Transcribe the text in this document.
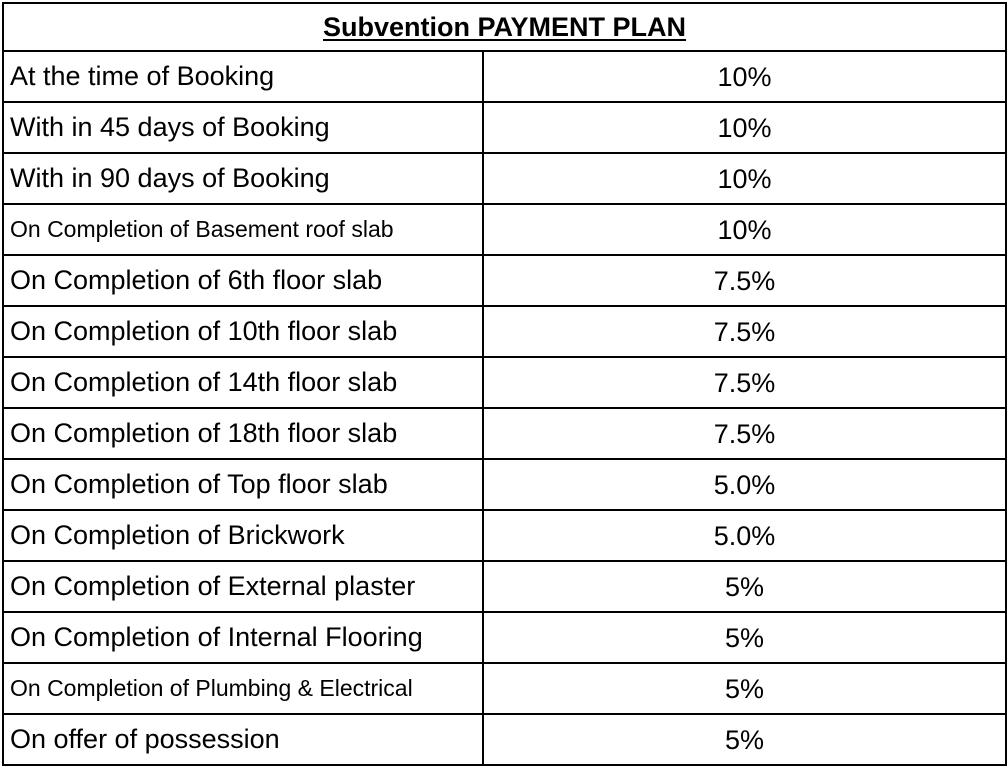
Subvention PAYMENT PLAN	
At the time of Booking	10%
With in 45 days of Booking	10%
With in 90 days of Booking	10%
On Completion of Basement roof slab	10%
On Completion of 6th floor slab	7.5%
On Completion of 10th floor slab	7.5%
On Completion of 14th floor slab	7.5%
On Completion of 18th floor slab	7.5%
On Completion of Top floor slab	5.0%
On Completion of Brickwork	5.0%
On Completion of External plaster	5%
On Completion of Internal Flooring	5%
On Completion of Plumbing & Electrical	5%
On offer of possession	5%
